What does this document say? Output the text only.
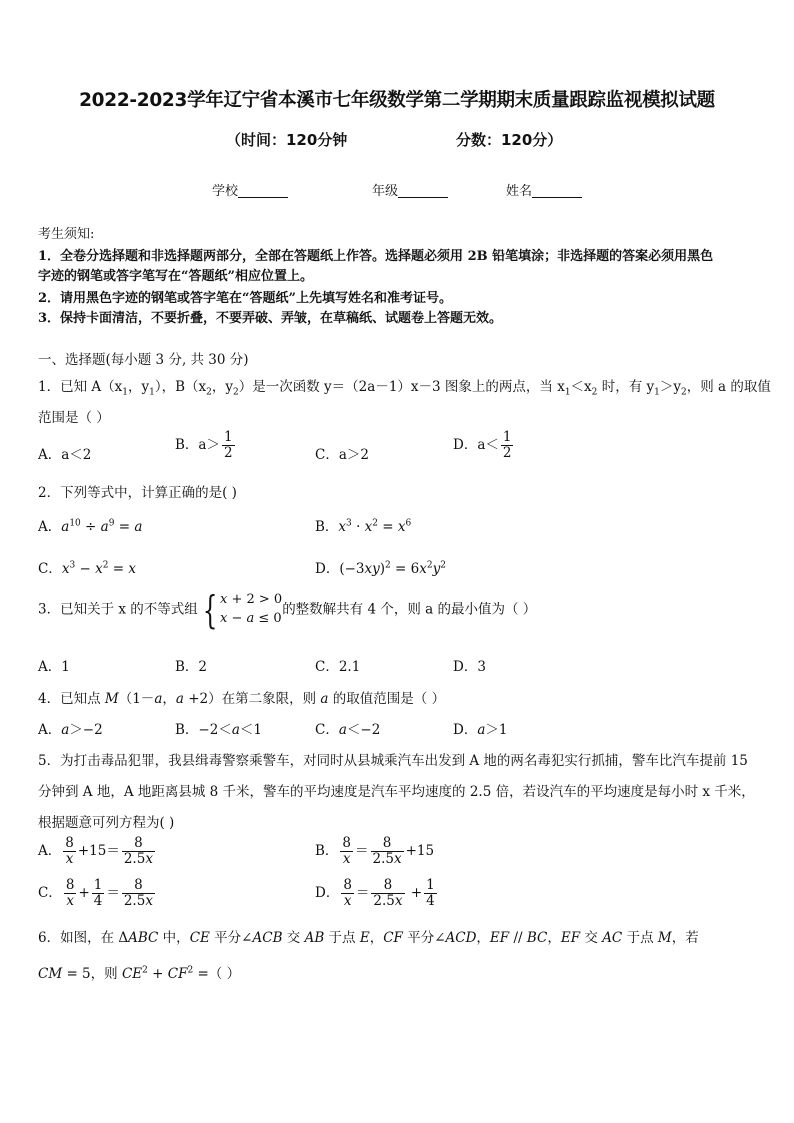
2022-2023学年辽宁省本溪市七年级数学第二学期期末质量跟踪监视模拟试题
（时间：120分钟	分数：120分）
学校	年级	姓名
考生须知:
1．全卷分选择题和非选择题两部分，全部在答题纸上作答。选择题必须用 2B 铅笔填涂；非选择题的答案必须用黑色
字迹的钢笔或答字笔写在“答题纸”相应位置上。
2．请用黑色字迹的钢笔或答字笔在“答题纸”上先填写姓名和准考证号。
3．保持卡面清洁，不要折叠，不要弄破、弄皱，在草稿纸、试题卷上答题无效。
一、选择题(每小题 3 分, 共 30 分)
1．已知 $A(x_1$，$y_1$），$B(x_2$，$y_2$）是一次函数 y＝（2a－1）x－3 图象上的两点，当 $x_1<x_2$ 时，有 $y_1>y_2$，则 a 的取值
范围是（ ）
A．a＜2
B．$a> \frac{1}{2}$	C．a＞2
D．$a< \frac{1}{2}$
2．下列等式中，计算正确的是( )
A．$a^{10} \div a^9 = a$	B．$x^3 \cdot x^2 = x^6$
C．$x^3 - x^2 = x$	D．$(-3xy)^2 = 6x^2y^2$
3．已知关于 x 的不等式组 { x + 2 > 0
x − a ≤ 0的整数解共有 4 个，则 a 的最小值为（ ）
A．1	B．2	C．2.1	D．3
4．已知点 M（1－a，a +2）在第二象限，则 a 的取值范围是（ ）
A．a＞−2	B．−2＜a＜1	C．a＜−2	D．a＞1
5．为打击毒品犯罪，我县缉毒警察乘警车，对同时从县城乘汽车出发到 A 地的两名毒犯实行抓捕，警车比汽车提前 15
分钟到 A 地，A 地距离县城 8 千米，警车的平均速度是汽车平均速度的 2.5 倍，若设汽车的平均速度是每小时 x 千米，
根据题意可列方程为( )
A． $\frac{8}{x} +15= \frac{8}{2.5x}$	B． $\frac{8}{x} = \frac{8}{2.5x} +15$
C． $\frac{8}{x} + \frac{1}{4} = \frac{8}{2.5x}$	D． $\frac{8}{x} = \frac{8}{2.5x} + \frac{1}{4}$
6．如图，在 ΔABC 中，CE 平分∠ACB 交 AB 于点 E，CF 平分∠ACD，EF // BC，EF 交 AC 于点 M，若
CM = 5，则 $CE^2 + CF^2$ =（ ）
